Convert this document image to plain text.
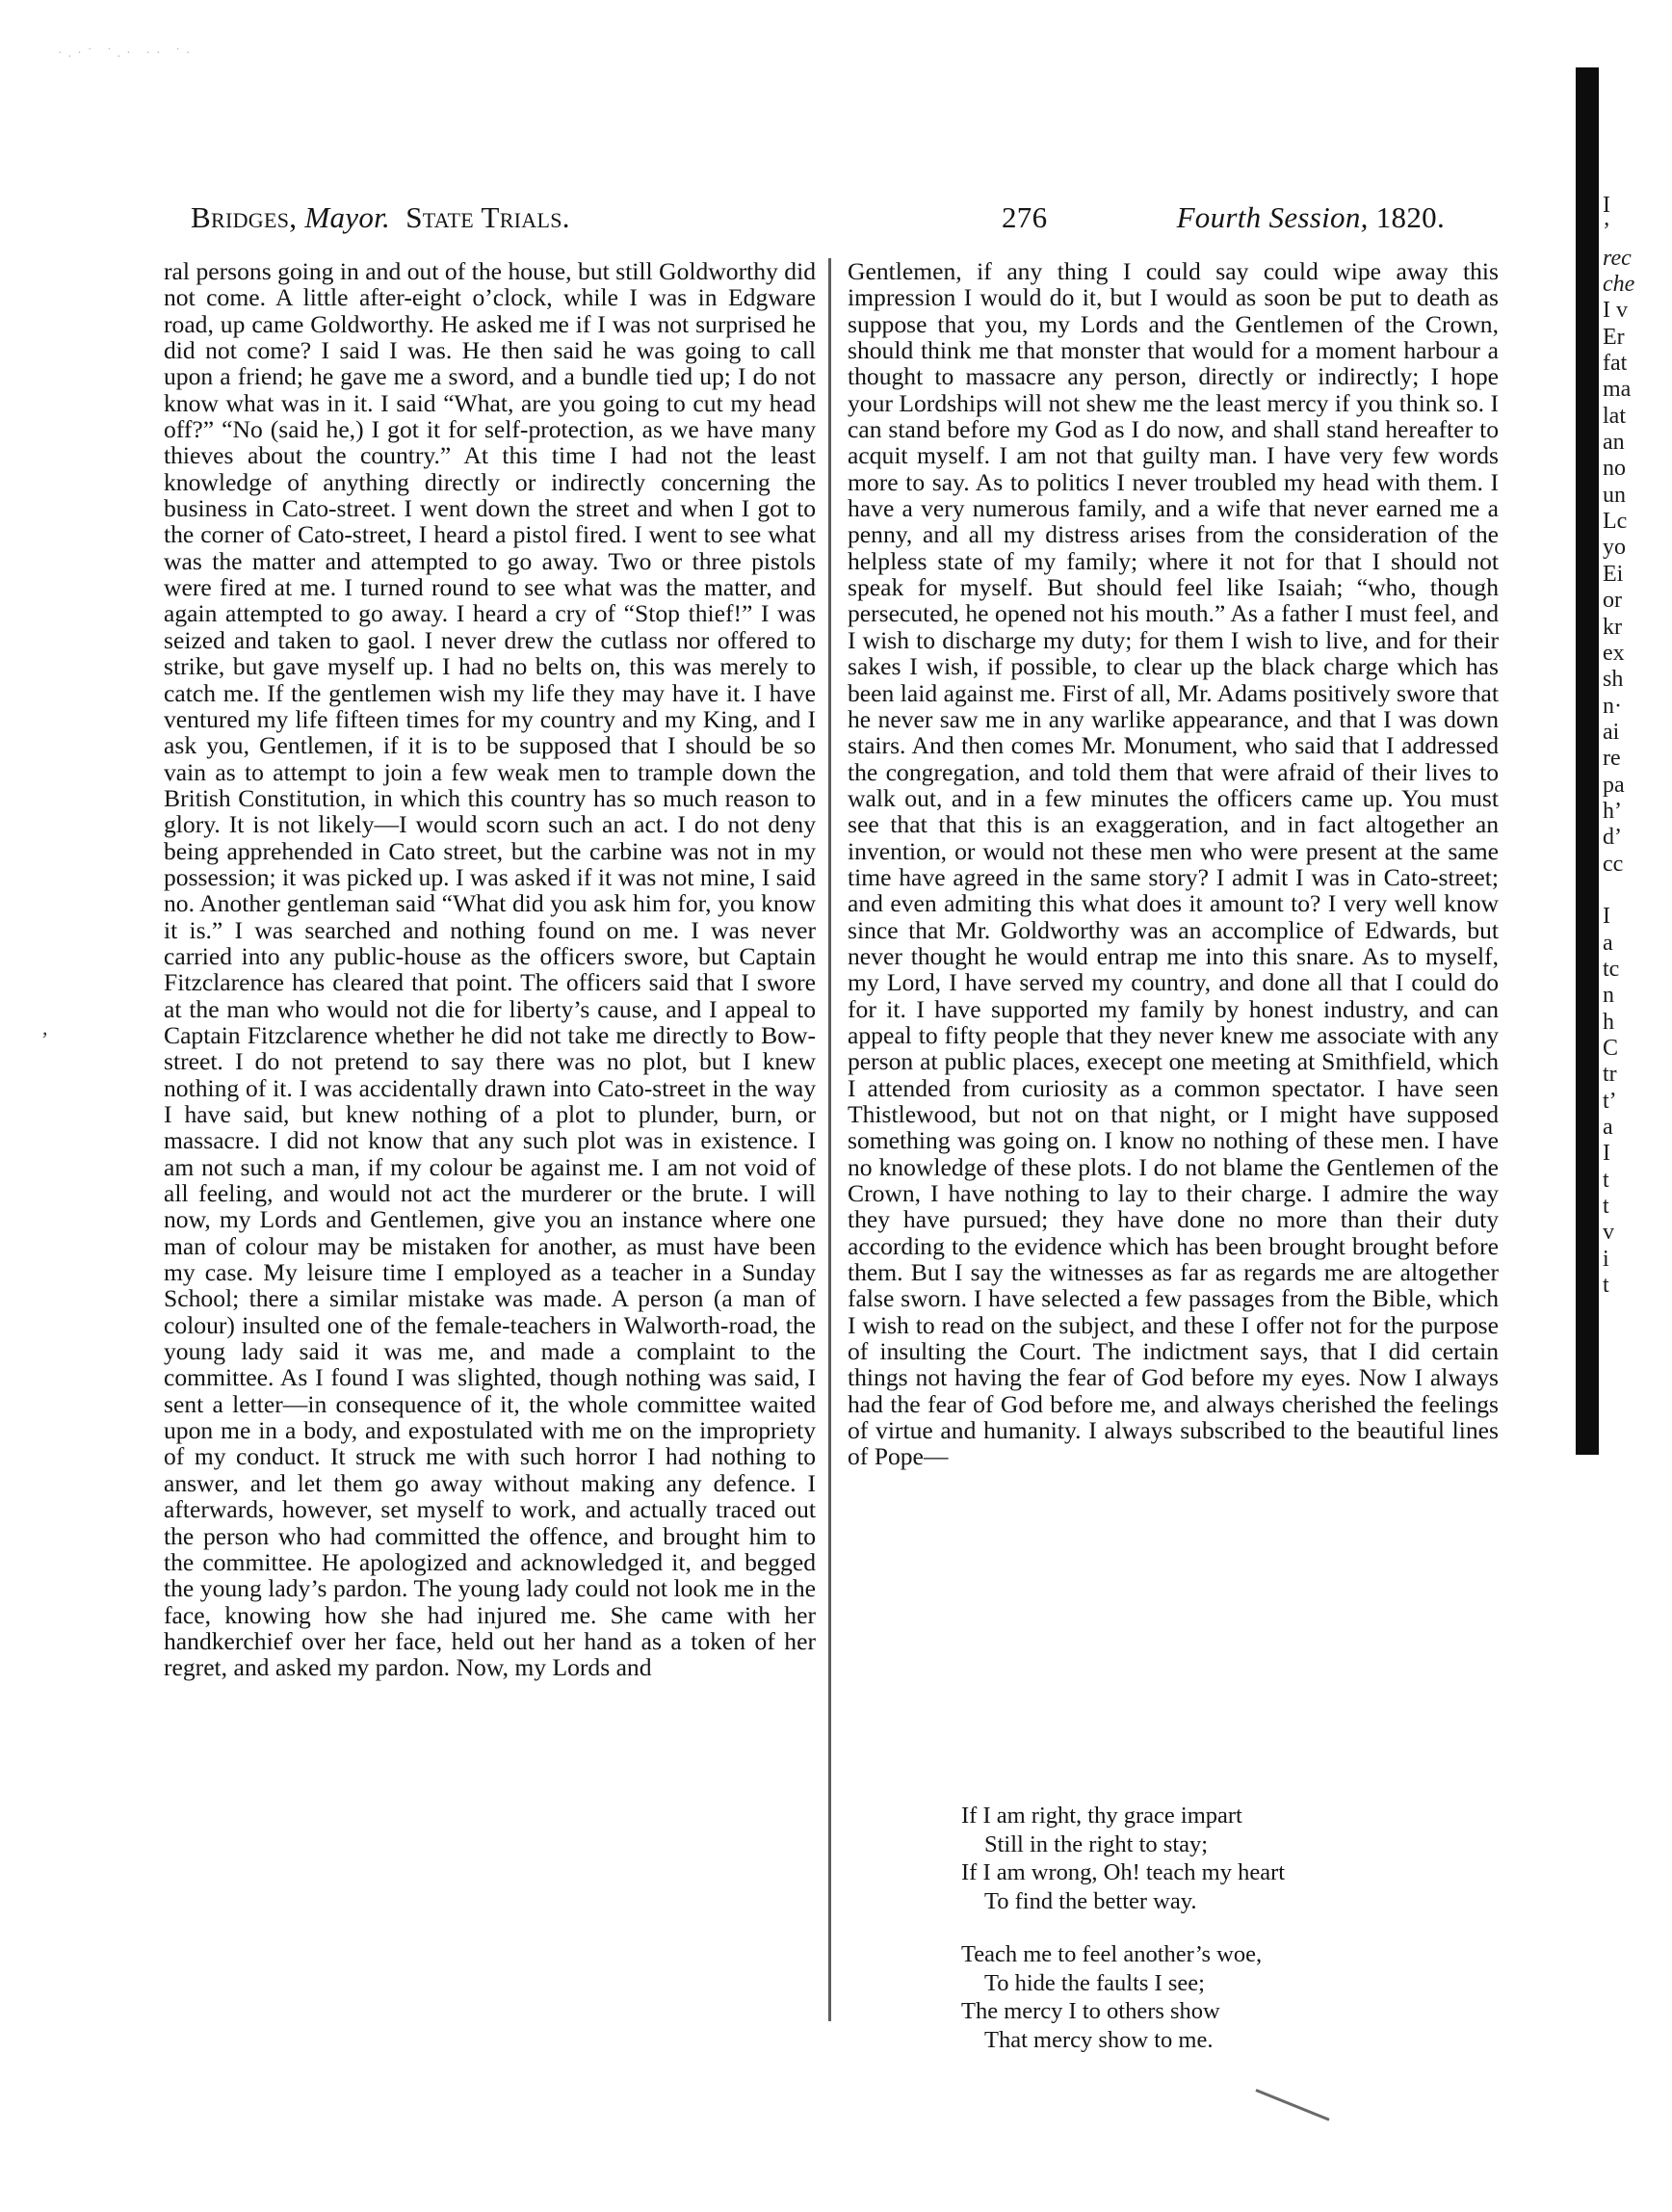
·.·˙ ˙.· ·· ˙·
Bridges, Mayor. State Trials.	276	Fourth Session, 1820.

ral persons going in and out of the house, but still Goldworthy did not come. A little after-eight o’clock, while I was in Edgware road, up came Goldworthy. He asked me if I was not surprised he did not come? I said I was. He then said he was going to call upon a friend; he gave me a sword, and a bundle tied up; I do not know what was in it. I said “What, are you going to cut my head off?” “No (said he,) I got it for self-protection, as we have many thieves about the country.” At this time I had not the least knowledge of anything directly or indirectly concerning the business in Cato-street. I went down the street and when I got to the corner of Cato-street, I heard a pistol fired. I went to see what was the matter and attempted to go away. Two or three pistols were fired at me. I turned round to see what was the matter, and again attempted to go away. I heard a cry of “Stop thief!” I was seized and taken to gaol. I never drew the cutlass nor offered to strike, but gave myself up. I had no belts on, this was merely to catch me. If the gentlemen wish my life they may have it. I have ventured my life fifteen times for my country and my King, and I ask you, Gentlemen, if it is to be supposed that I should be so vain as to attempt to join a few weak men to trample down the British Constitution, in which this country has so much reason to glory. It is not likely—I would scorn such an act. I do not deny being apprehended in Cato street, but the carbine was not in my possession; it was picked up. I was asked if it was not mine, I said no. Another gentleman said “What did you ask him for, you know it is.” I was searched and nothing found on me. I was never carried into any public-house as the officers swore, but Captain Fitzclarence has cleared that point. The officers said that I swore at the man who would not die for liberty’s cause, and I appeal to Captain Fitzclarence whether he did not take me directly to Bow-street. I do not pretend to say there was no plot, but I knew nothing of it. I was accidentally drawn into Cato-street in the way I have said, but knew nothing of a plot to plunder, burn, or massacre. I did not know that any such plot was in existence. I am not such a man, if my colour be against me. I am not void of all feeling, and would not act the murderer or the brute. I will now, my Lords and Gentlemen, give you an instance where one man of colour may be mistaken for another, as must have been my case. My leisure time I employed as a teacher in a Sunday School; there a similar mistake was made. A person (a man of colour) insulted one of the female-teachers in Walworth-road, the young lady said it was me, and made a complaint to the committee. As I found I was slighted, though nothing was said, I sent a letter—in consequence of it, the whole committee waited upon me in a body, and expostulated with me on the impropriety of my conduct. It struck me with such horror I had nothing to answer, and let them go away without making any defence. I afterwards, however, set myself to work, and actually traced out the person who had committed the offence, and brought him to the committee. He apologized and acknowledged it, and begged the young lady’s pardon. The young lady could not look me in the face, knowing how she had injured me. She came with her handkerchief over her face, held out her hand as a token of her regret, and asked my pardon. Now, my Lords and

Gentlemen, if any thing I could say could wipe away this impression I would do it, but I would as soon be put to death as suppose that you, my Lords and the Gentlemen of the Crown, should think me that monster that would for a moment harbour a thought to massacre any person, directly or indirectly; I hope your Lordships will not shew me the least mercy if you think so. I can stand before my God as I do now, and shall stand hereafter to acquit myself. I am not that guilty man. I have very few words more to say. As to politics I never troubled my head with them. I have a very numerous family, and a wife that never earned me a penny, and all my distress arises from the consideration of the helpless state of my family; where it not for that I should not speak for myself. But should feel like Isaiah; “who, though persecuted, he opened not his mouth.” As a father I must feel, and I wish to discharge my duty; for them I wish to live, and for their sakes I wish, if possible, to clear up the black charge which has been laid against me. First of all, Mr. Adams positively swore that he never saw me in any warlike appearance, and that I was down stairs. And then comes Mr. Monument, who said that I addressed the congregation, and told them that were afraid of their lives to walk out, and in a few minutes the officers came up. You must see that that this is an exaggeration, and in fact altogether an invention, or would not these men who were present at the same time have agreed in the same story? I admit I was in Cato-street; and even admiting this what does it amount to? I very well know since that Mr. Goldworthy was an accomplice of Edwards, but never thought he would entrap me into this snare. As to myself, my Lord, I have served my country, and done all that I could do for it. I have supported my family by honest industry, and can appeal to fifty people that they never knew me associate with any person at public places, execept one meeting at Smithfield, which I attended from curiosity as a common spectator. I have seen Thistlewood, but not on that night, or I might have supposed something was going on. I know no nothing of these men. I have no knowledge of these plots. I do not blame the Gentlemen of the Crown, I have nothing to lay to their charge. I admire the way they have pursued; they have done no more than their duty according to the evidence which has been brought brought before them. But I say the witnesses as far as regards me are altogether false sworn. I have selected a few passages from the Bible, which I wish to read on the subject, and these I offer not for the purpose of insulting the Court. The indictment says, that I did certain things not having the fear of God before my eyes. Now I always had the fear of God before me, and always cherished the feelings of virtue and humanity. I always subscribed to the beautiful lines of Pope—

If I am right, thy grace impart
Still in the right to stay;
If I am wrong, Oh! teach my heart
To find the better way.
Teach me to feel another’s woe,
To hide the faults I see;
The mercy I to others show
That mercy show to me.
,
I
’
rec
che
I v
Er
fat
ma
lat
an
no
un
Lc
yo
Ei
or
kr
ex
sh
n·
ai
re
pa
h’
d’
cc
I
a
tc
n
h
C
tr
t’
a
I
t
t
v
i
t
